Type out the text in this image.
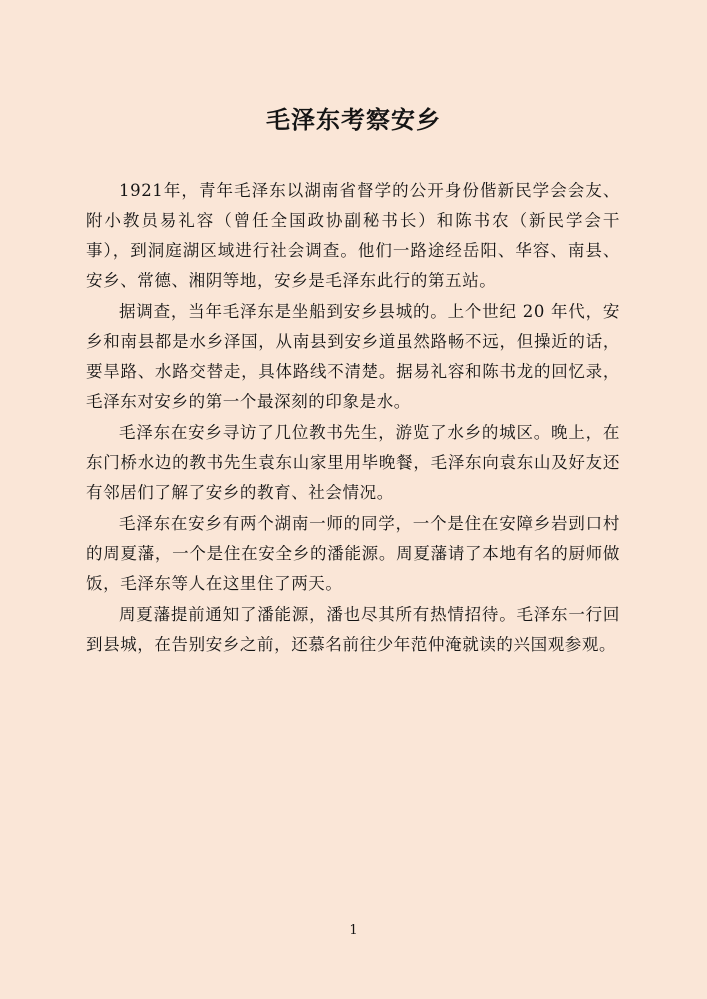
毛泽东考察安乡

1921年，青年毛泽东以湖南省督学的公开身份偕新民学会会友、附小教员易礼容（曾任全国政协副秘书长）和陈书农（新民学会干事），到洞庭湖区域进行社会调查。他们一路途经岳阳、华容、南县、安乡、常德、湘阴等地，安乡是毛泽东此行的第五站。

据调查，当年毛泽东是坐船到安乡县城的。上个世纪 20 年代，安乡和南县都是水乡泽国，从南县到安乡道虽然路畅不远，但操近的话，要旱路、水路交替走，具体路线不清楚。据易礼容和陈书龙的回忆录，毛泽东对安乡的第一个最深刻的印象是水。

毛泽东在安乡寻访了几位教书先生，游览了水乡的城区。晚上，在东门桥水边的教书先生袁东山家里用毕晚餐，毛泽东向袁东山及好友还有邻居们了解了安乡的教育、社会情况。

毛泽东在安乡有两个湖南一师的同学，一个是住在安障乡岩剅口村的周夏藩，一个是住在安全乡的潘能源。周夏藩请了本地有名的厨师做饭，毛泽东等人在这里住了两天。

周夏藩提前通知了潘能源，潘也尽其所有热情招待。毛泽东一行回到县城，在告别安乡之前，还慕名前往少年范仲淹就读的兴国观参观。

1
